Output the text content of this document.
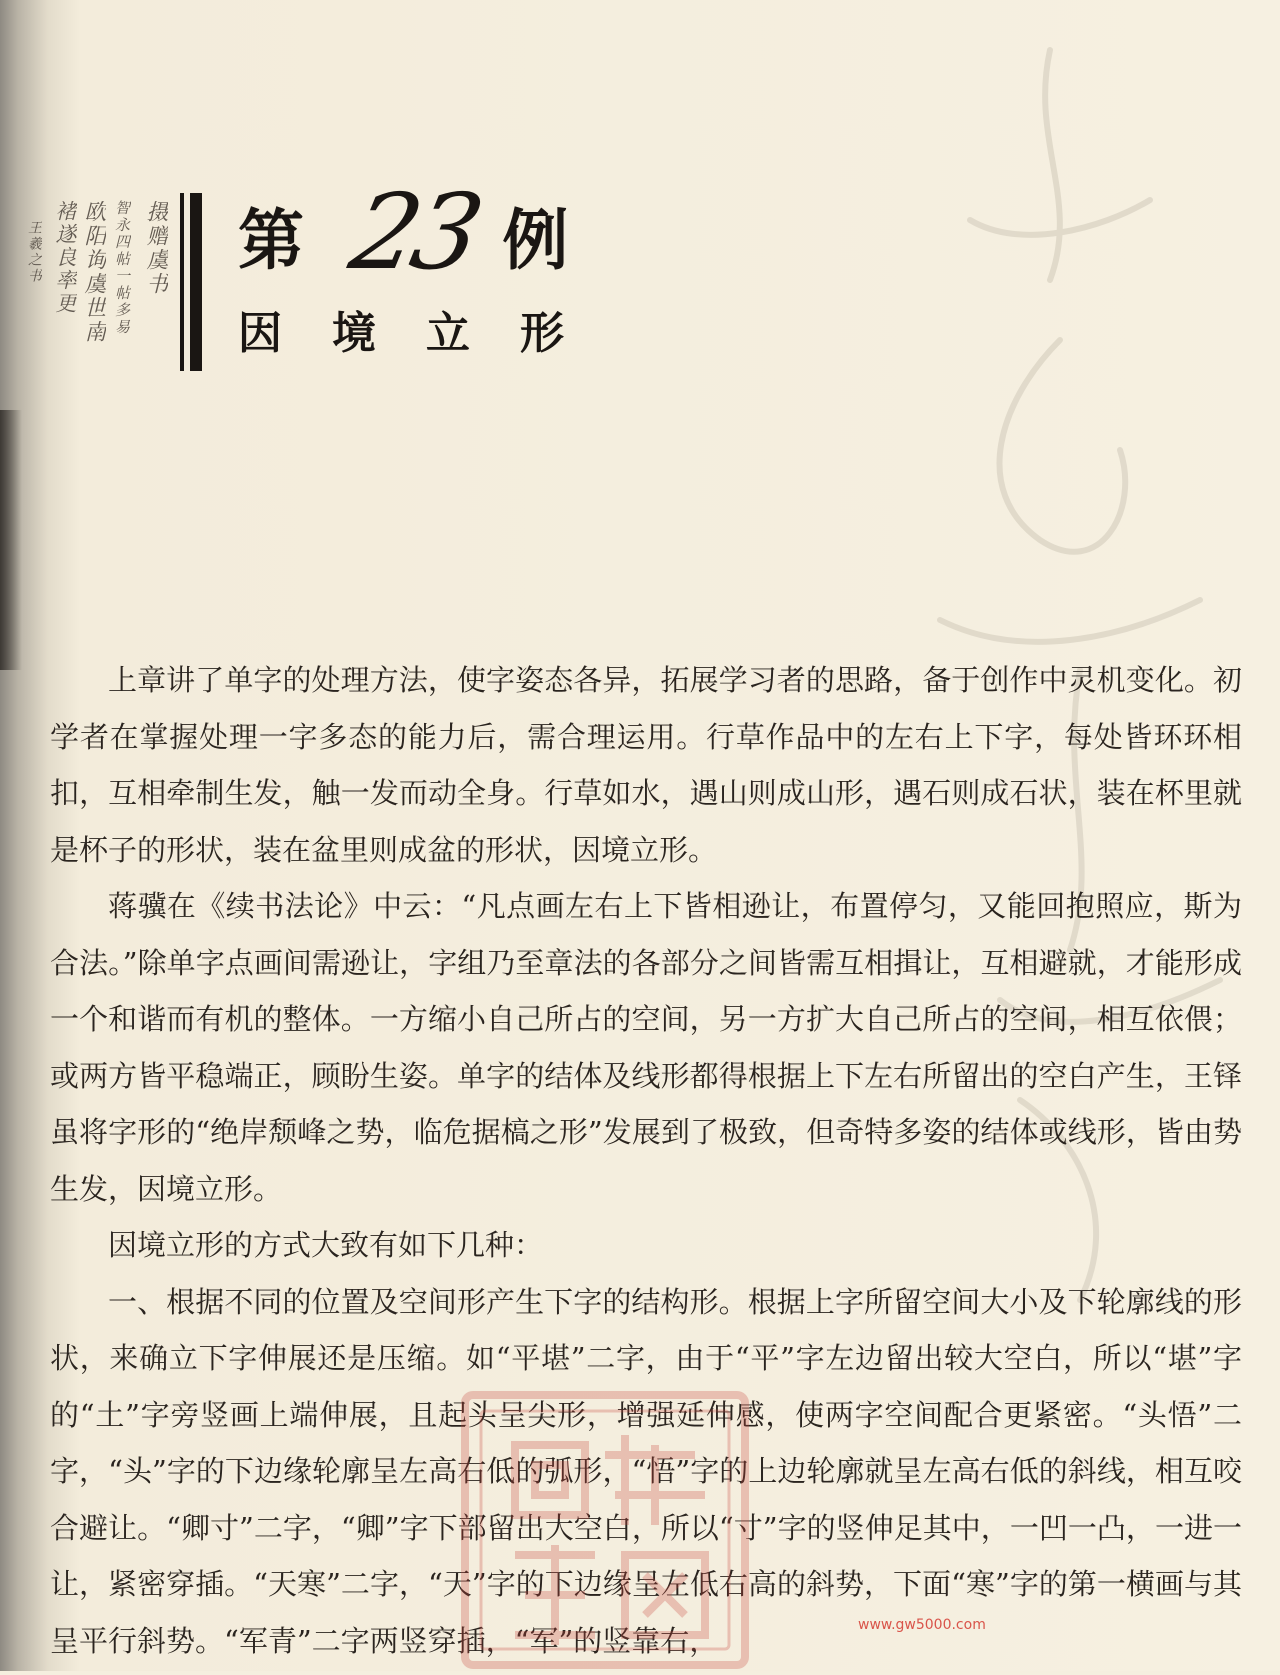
摄赠虞书
智永四帖一帖多易
欧阳询虞世南
褚遂良率更
王羲之书	第 23 例
因境立形

上章讲了单字的处理方法，使字姿态各异，拓展学习者的思路，备于创作中灵机变化。初学者在掌握处理一字多态的能力后，需合理运用。行草作品中的左右上下字，每处皆环环相扣，互相牵制生发，触一发而动全身。行草如水，遇山则成山形，遇石则成石状，装在杯里就是杯子的形状，装在盆里则成盆的形状，因境立形。

蒋骥在《续书法论》中云：“凡点画左右上下皆相逊让，布置停匀，又能回抱照应，斯为合法。”除单字点画间需逊让，字组乃至章法的各部分之间皆需互相揖让，互相避就，才能形成一个和谐而有机的整体。一方缩小自己所占的空间，另一方扩大自己所占的空间，相互依偎；或两方皆平稳端正，顾盼生姿。单字的结体及线形都得根据上下左右所留出的空白产生，王铎虽将字形的“绝岸颓峰之势，临危据槁之形”发展到了极致，但奇特多姿的结体或线形，皆由势生发，因境立形。

因境立形的方式大致有如下几种：

一、根据不同的位置及空间形产生下字的结构形。根据上字所留空间大小及下轮廓线的形状，来确立下字伸展还是压缩。如“平堪”二字，由于“平”字左边留出较大空白，所以“堪”字的“土”字旁竖画上端伸展，且起头呈尖形，增强延伸感，使两字空间配合更紧密。“头悟”二字，“头”字的下边缘轮廓呈左高右低的弧形，“悟”字的上边轮廓就呈左高右低的斜线，相互咬合避让。“卿寸”二字，“卿”字下部留出大空白，所以“寸”字的竖伸足其中，一凹一凸，一进一让，紧密穿插。“天寒”二字，“天”字的下边缘呈左低右高的斜势，下面“寒”字的第一横画与其呈平行斜势。“军青”二字两竖穿插，“军”的竖靠右，	www.gw5000.com
